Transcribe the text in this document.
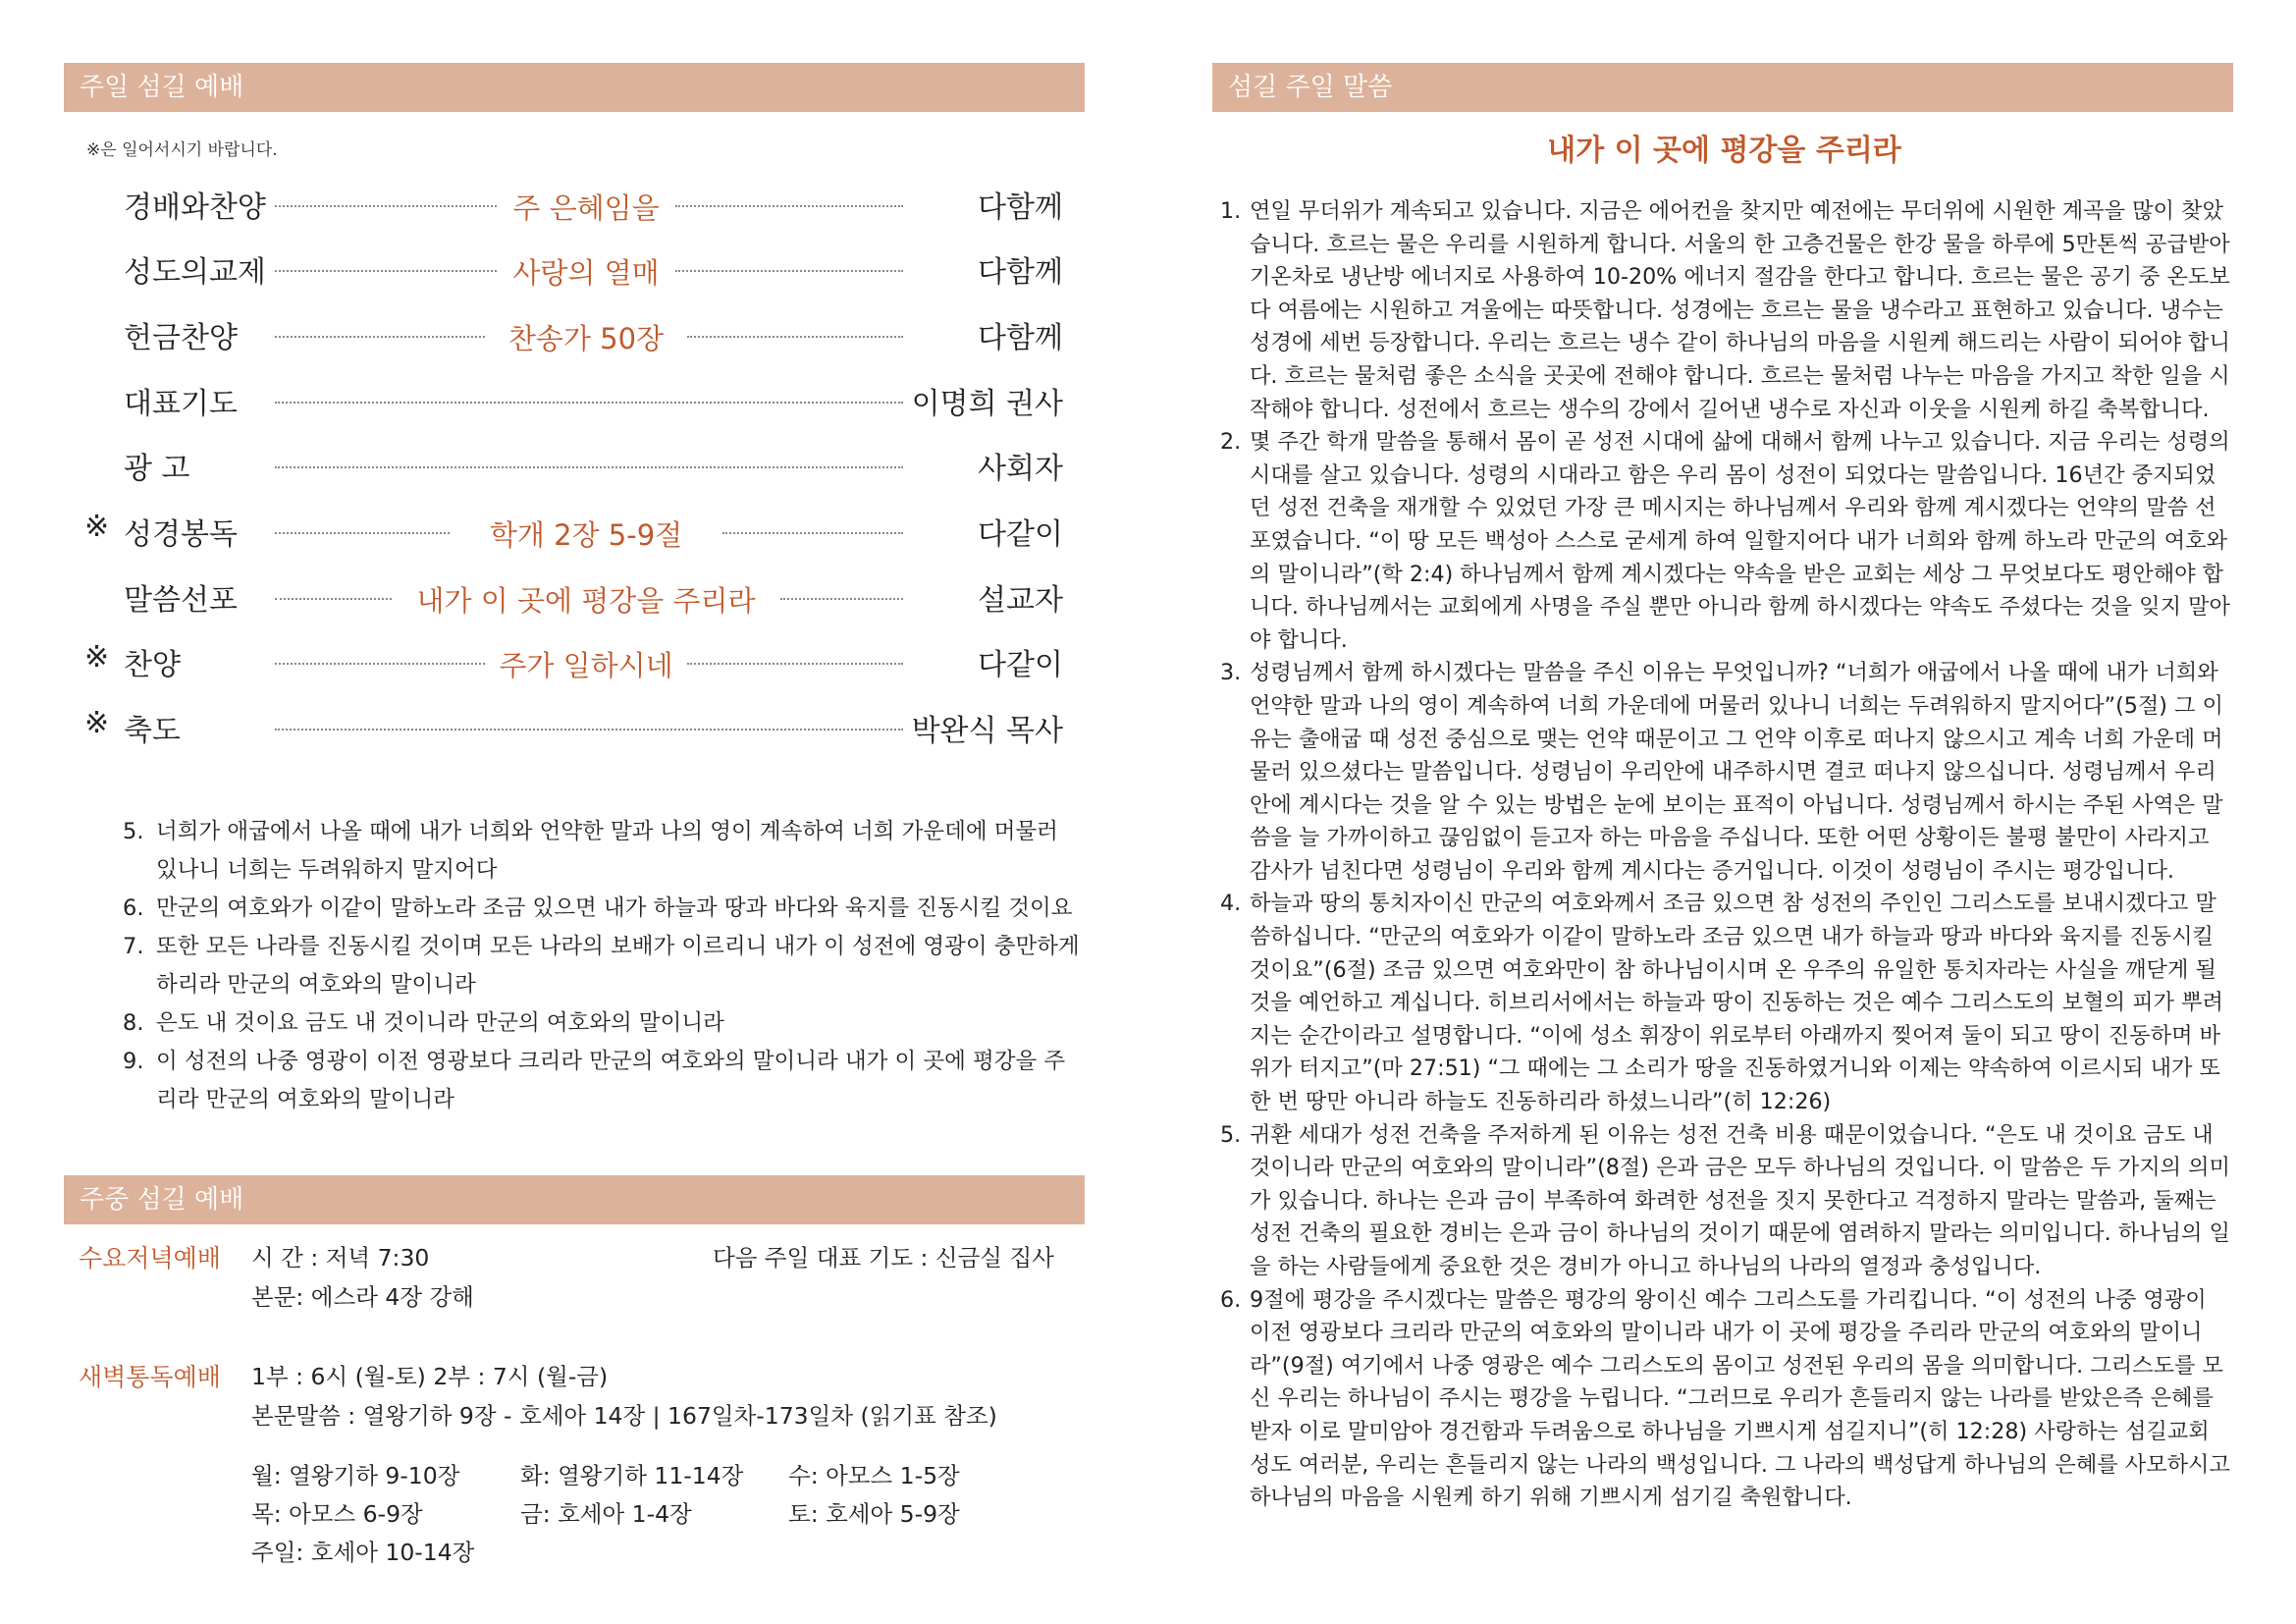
주일 섬길 예배
※은 일어서시기 바랍니다.
경배와찬양	주 은혜임을	다함께
성도의교제	사랑의 열매	다함께
헌금찬양	찬송가 50장	다함께
대표기도	이명희 권사
광 고	사회자
※ 성경봉독	학개 2장 5-9절	다같이
말씀선포	내가 이 곳에 평강을 주리라	설교자
※ 찬양	주가 일하시네	다같이
※ 축도	박완식 목사
5. 너희가 애굽에서 나올 때에 내가 너희와 언약한 말과 나의 영이 계속하여 너희 가운데에 머물러 있나니 너희는 두려워하지 말지어다
6. 만군의 여호와가 이같이 말하노라 조금 있으면 내가 하늘과 땅과 바다와 육지를 진동시킬 것이요
7. 또한 모든 나라를 진동시킬 것이며 모든 나라의 보배가 이르리니 내가 이 성전에 영광이 충만하게 하리라 만군의 여호와의 말이니라
8. 은도 내 것이요 금도 내 것이니라 만군의 여호와의 말이니라
9. 이 성전의 나중 영광이 이전 영광보다 크리라 만군의 여호와의 말이니라 내가 이 곳에 평강을 주리라 만군의 여호와의 말이니라
주중 섬길 예배
수요저녁예배 시 간 : 저녁 7:30
본문: 에스라 4장 강해
다음 주일 대표 기도 : 신금실 집사
새벽통독예배 1부 : 6시 (월-토) 2부 : 7시 (월-금)
본문말씀 : 열왕기하 9장 - 호세아 14장 | 167일차-173일차 (읽기표 참조)
월: 열왕기하 9-10장	화: 열왕기하 11-14장 수: 아모스 1-5장
목: 아모스 6-9장	금: 호세아 1-4장	토: 호세아 5-9장
주일: 호세아 10-14장
섬길 주일 말씀
내가 이 곳에 평강을 주리라
1. 연일 무더위가 계속되고 있습니다. 지금은 에어컨을 찾지만 예전에는 무더위에 시원한 계곡을 많이 찾았습니다. 흐르는 물은 우리를 시원하게 합니다. 서울의 한 고층건물은 한강 물을 하루에 5만톤씩 공급받아 기온차로 냉난방 에너지로 사용하여 10-20% 에너지 절감을 한다고 합니다. 흐르는 물은 공기 중 온도보다 여름에는 시원하고 겨울에는 따뜻합니다. 성경에는 흐르는 물을 냉수라고 표현하고 있습니다. 냉수는 성경에 세번 등장합니다. 우리는 흐르는 냉수 같이 하나님의 마음을 시원케 해드리는 사람이 되어야 합니다. 흐르는 물처럼 좋은 소식을 곳곳에 전해야 합니다. 흐르는 물처럼 나누는 마음을 가지고 착한 일을 시작해야 합니다. 성전에서 흐르는 생수의 강에서 길어낸 냉수로 자신과 이웃을 시원케 하길 축복합니다.
2. 몇 주간 학개 말씀을 통해서 몸이 곧 성전 시대에 삶에 대해서 함께 나누고 있습니다. 지금 우리는 성령의 시대를 살고 있습니다. 성령의 시대라고 함은 우리 몸이 성전이 되었다는 말씀입니다. 16년간 중지되었던 성전 건축을 재개할 수 있었던 가장 큰 메시지는 하나님께서 우리와 함께 계시겠다는 언약의 말씀 선포였습니다. “이 땅 모든 백성아 스스로 굳세게 하여 일할지어다 내가 너희와 함께 하노라 만군의 여호와의 말이니라”(학 2:4) 하나님께서 함께 계시겠다는 약속을 받은 교회는 세상 그 무엇보다도 평안해야 합니다. 하나님께서는 교회에게 사명을 주실 뿐만 아니라 함께 하시겠다는 약속도 주셨다는 것을 잊지 말아야 합니다.
3. 성령님께서 함께 하시겠다는 말씀을 주신 이유는 무엇입니까? “너희가 애굽에서 나올 때에 내가 너희와 언약한 말과 나의 영이 계속하여 너희 가운데에 머물러 있나니 너희는 두려워하지 말지어다”(5절) 그 이유는 출애굽 때 성전 중심으로 맺는 언약 때문이고 그 언약 이후로 떠나지 않으시고 계속 너희 가운데 머물러 있으셨다는 말씀입니다. 성령님이 우리안에 내주하시면 결코 떠나지 않으십니다. 성령님께서 우리 안에 계시다는 것을 알 수 있는 방법은 눈에 보이는 표적이 아닙니다. 성령님께서 하시는 주된 사역은 말씀을 늘 가까이하고 끊임없이 듣고자 하는 마음을 주십니다. 또한 어떤 상황이든 불평 불만이 사라지고 감사가 넘친다면 성령님이 우리와 함께 계시다는 증거입니다. 이것이 성령님이 주시는 평강입니다.
4. 하늘과 땅의 통치자이신 만군의 여호와께서 조금 있으면 참 성전의 주인인 그리스도를 보내시겠다고 말씀하십니다. “만군의 여호와가 이같이 말하노라 조금 있으면 내가 하늘과 땅과 바다와 육지를 진동시킬 것이요”(6절) 조금 있으면 여호와만이 참 하나님이시며 온 우주의 유일한 통치자라는 사실을 깨닫게 될 것을 예언하고 계십니다. 히브리서에서는 하늘과 땅이 진동하는 것은 예수 그리스도의 보혈의 피가 뿌려지는 순간이라고 설명합니다. “이에 성소 휘장이 위로부터 아래까지 찢어져 둘이 되고 땅이 진동하며 바위가 터지고”(마 27:51) “그 때에는 그 소리가 땅을 진동하였거니와 이제는 약속하여 이르시되 내가 또 한 번 땅만 아니라 하늘도 진동하리라 하셨느니라”(히 12:26)
5. 귀환 세대가 성전 건축을 주저하게 된 이유는 성전 건축 비용 때문이었습니다. “은도 내 것이요 금도 내 것이니라 만군의 여호와의 말이니라”(8절) 은과 금은 모두 하나님의 것입니다. 이 말씀은 두 가지의 의미가 있습니다. 하나는 은과 금이 부족하여 화려한 성전을 짓지 못한다고 걱정하지 말라는 말씀과, 둘째는 성전 건축의 필요한 경비는 은과 금이 하나님의 것이기 때문에 염려하지 말라는 의미입니다. 하나님의 일을 하는 사람들에게 중요한 것은 경비가 아니고 하나님의 나라의 열정과 충성입니다.
6. 9절에 평강을 주시겠다는 말씀은 평강의 왕이신 예수 그리스도를 가리킵니다. “이 성전의 나중 영광이 이전 영광보다 크리라 만군의 여호와의 말이니라 내가 이 곳에 평강을 주리라 만군의 여호와의 말이니라”(9절) 여기에서 나중 영광은 예수 그리스도의 몸이고 성전된 우리의 몸을 의미합니다. 그리스도를 모신 우리는 하나님이 주시는 평강을 누립니다. “그러므로 우리가 흔들리지 않는 나라를 받았은즉 은혜를 받자 이로 말미암아 경건함과 두려움으로 하나님을 기쁘시게 섬길지니”(히 12:28) 사랑하는 섬길교회 성도 여러분, 우리는 흔들리지 않는 나라의 백성입니다. 그 나라의 백성답게 하나님의 은혜를 사모하시고 하나님의 마음을 시원케 하기 위해 기쁘시게 섬기길 축원합니다.
